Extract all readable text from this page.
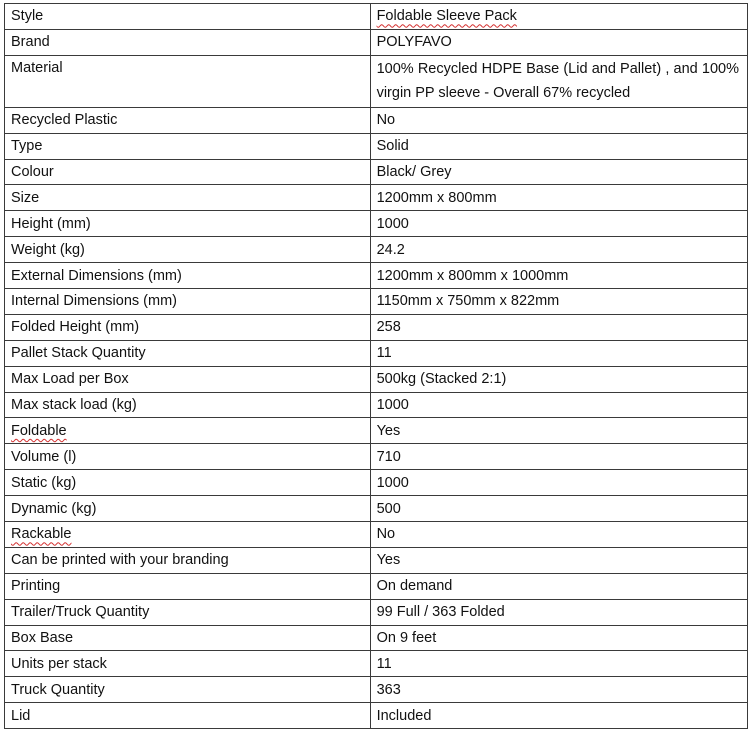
Style	Foldable Sleeve Pack
Brand	POLYFAVO
Material	100% Recycled HDPE Base (Lid and Pallet) , and 100% virgin PP sleeve - Overall 67% recycled
Recycled Plastic	No
Type	Solid
Colour	Black/ Grey
Size	1200mm x 800mm
Height (mm)	1000
Weight (kg)	24.2
External Dimensions (mm)	1200mm x 800mm x 1000mm
Internal Dimensions (mm)	1150mm x 750mm x 822mm
Folded Height (mm)	258
Pallet Stack Quantity	11
Max Load per Box	500kg (Stacked 2:1)
Max stack load (kg)	1000
Foldable	Yes
Volume (l)	710
Static (kg)	1000
Dynamic (kg)	500
Rackable	No
Can be printed with your branding	Yes
Printing	On demand
Trailer/Truck Quantity	99 Full / 363 Folded
Box Base	On 9 feet
Units per stack	11
Truck Quantity	363
Lid	Included
